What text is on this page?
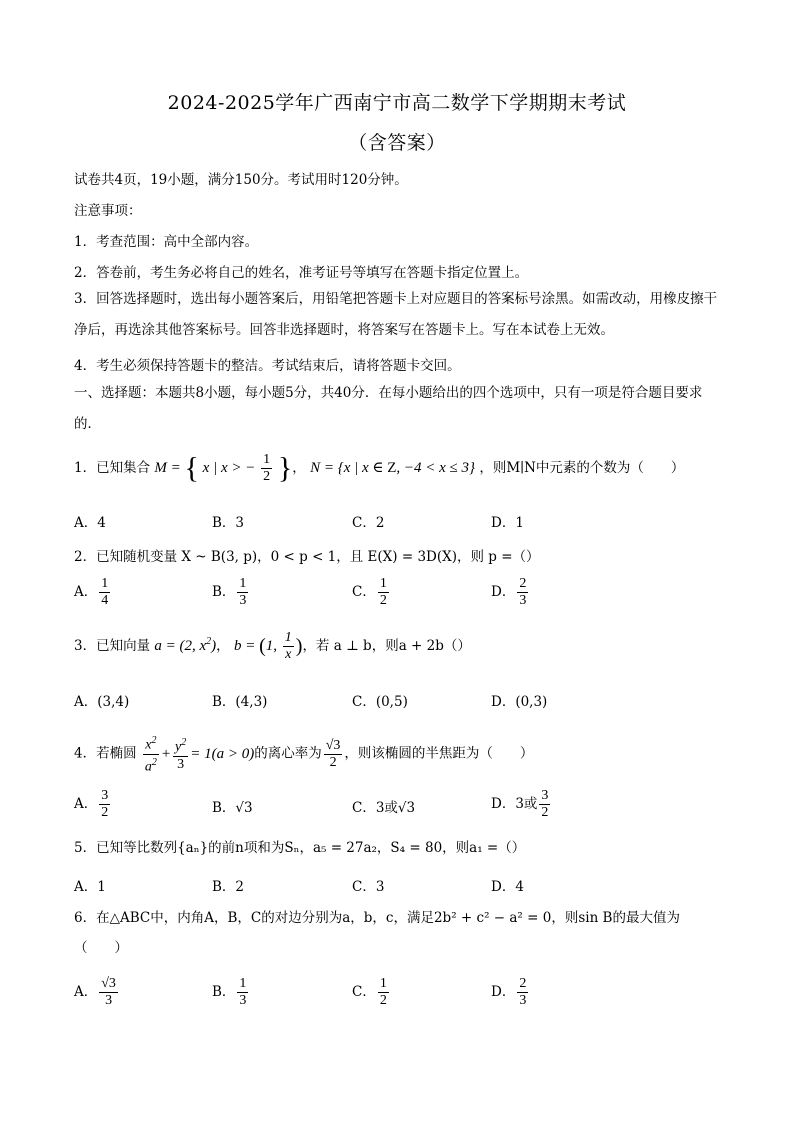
2024-2025学年广西南宁市高二数学下学期期末考试
（含答案）
试卷共4页，19小题，满分150分。考试用时120分钟。
注意事项：
1．考查范围：高中全部内容。
2．答卷前，考生务必将自己的姓名，准考证号等填写在答题卡指定位置上。
3．回答选择题时，选出每小题答案后，用铅笔把答题卡上对应题目的答案标号涂黑。如需改动，用橡皮擦干净后，再选涂其他答案标号。回答非选择题时，将答案写在答题卡上。写在本试卷上无效。
4．考生必须保持答题卡的整洁。考试结束后，请将答题卡交回。
一、选择题：本题共8小题，每小题5分，共40分．在每小题给出的四个选项中，只有一项是符合题目要求的．
1．已知集合 M = { x | x > − $\frac{1}{2}$ }， N = {x | x ∈ Z, −4 < x ≤ 3} ，则M∣N中元素的个数为（　　）
A．4	B．3	C．2	D．1
2．已知随机变量 X ~ B(3, p)，0 < p < 1，且 E(X) = 3D(X)，则 p =（）
A． $\frac{1}{4}$	B． $\frac{1}{3}$	C． $\frac{1}{2}$	D． $\frac{2}{3}$
3．已知向量 a = (2, $x^2$)， b = (1, $\frac{1}{x}$ )，若 a ⊥ b，则a + 2b（）
A．(3,4)	B．(4,3)	C．(0,5)	D．(0,3)
4．若椭圆 $\frac{x^2}{a^2} + \frac{y^2}{3} = 1(a > 0)$的离心率为 $\frac{√3}{2}$ ，则该椭圆的半焦距为（　　）
A． $\frac{3}{2}$	B．√3	C．3或√3	D．3或 $\frac{3}{2}$
5．已知等比数列{aₙ}的前n项和为Sₙ，a₅ = 27a₂，S₄ = 80，则a₁ =（）
A．1	B．2	C．3	D．4
6．在△ABC中，内角A，B，C的对边分别为a，b，c，满足2b² + c² − a² = 0，则sin B的最大值为
（　　）
A． $\frac{√3}{3}$	B． $\frac{1}{3}$	C． $\frac{1}{2}$	D． $\frac{2}{3}$
